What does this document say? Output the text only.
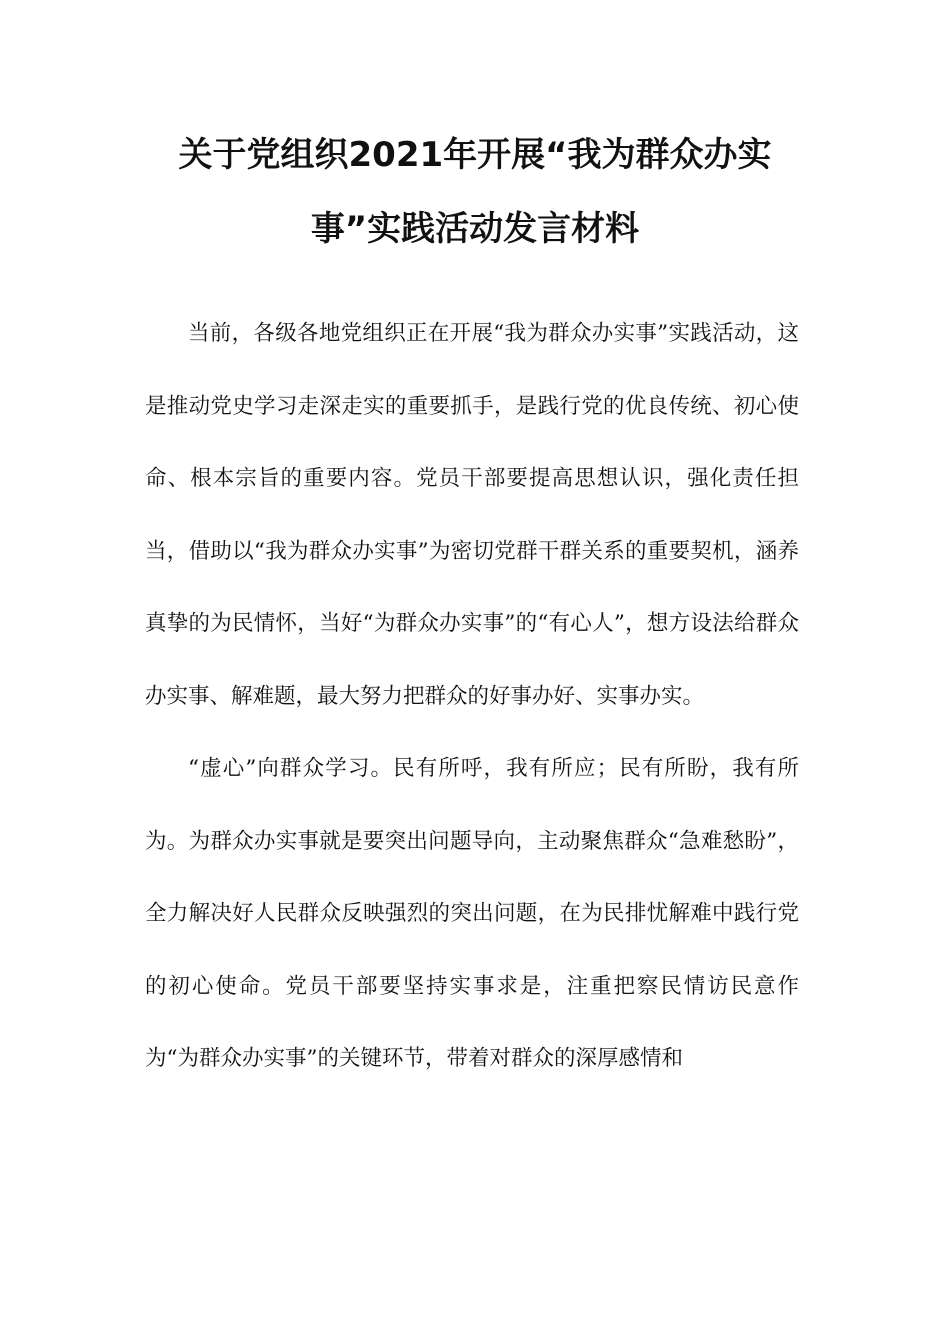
关于党组织2021年开展“我为群众办实事”实践活动发言材料

当前，各级各地党组织正在开展“我为群众办实事”实践活动，这是推动党史学习走深走实的重要抓手，是践行党的优良传统、初心使命、根本宗旨的重要内容。党员干部要提高思想认识，强化责任担当，借助以“我为群众办实事”为密切党群干群关系的重要契机，涵养真挚的为民情怀，当好“为群众办实事”的“有心人”，想方设法给群众办实事、解难题，最大努力把群众的好事办好、实事办实。

“虚心”向群众学习。民有所呼，我有所应；民有所盼，我有所为。为群众办实事就是要突出问题导向，主动聚焦群众“急难愁盼”，全力解决好人民群众反映强烈的突出问题，在为民排忧解难中践行党的初心使命。党员干部要坚持实事求是，注重把察民情访民意作为“为群众办实事”的关键环节，带着对群众的深厚感情和
